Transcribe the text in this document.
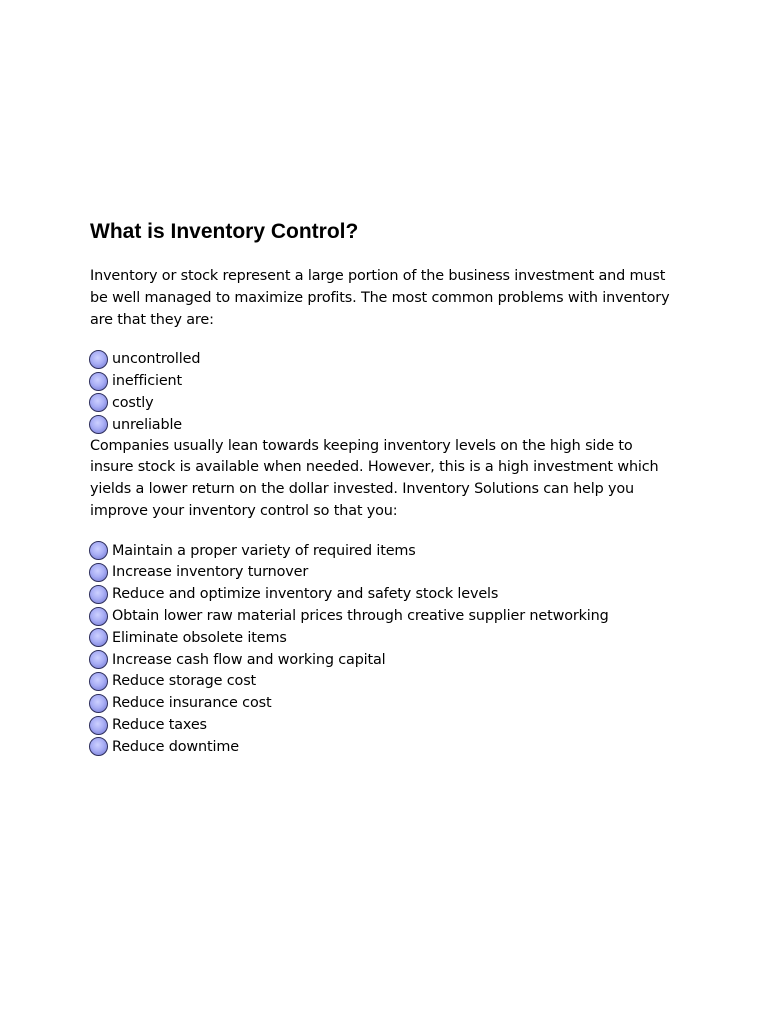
What is Inventory Control?

Inventory or stock represent a large portion of the business investment and must be well managed to maximize profits. The most common problems with inventory are that they are:

uncontrolled
inefficient
costly
unreliable

Companies usually lean towards keeping inventory levels on the high side to insure stock is available when needed. However, this is a high investment which yields a lower return on the dollar invested. Inventory Solutions can help you improve your inventory control so that you:

Maintain a proper variety of required items
Increase inventory turnover
Reduce and optimize inventory and safety stock levels
Obtain lower raw material prices through creative supplier networking
Eliminate obsolete items
Increase cash flow and working capital
Reduce storage cost
Reduce insurance cost
Reduce taxes
Reduce downtime
